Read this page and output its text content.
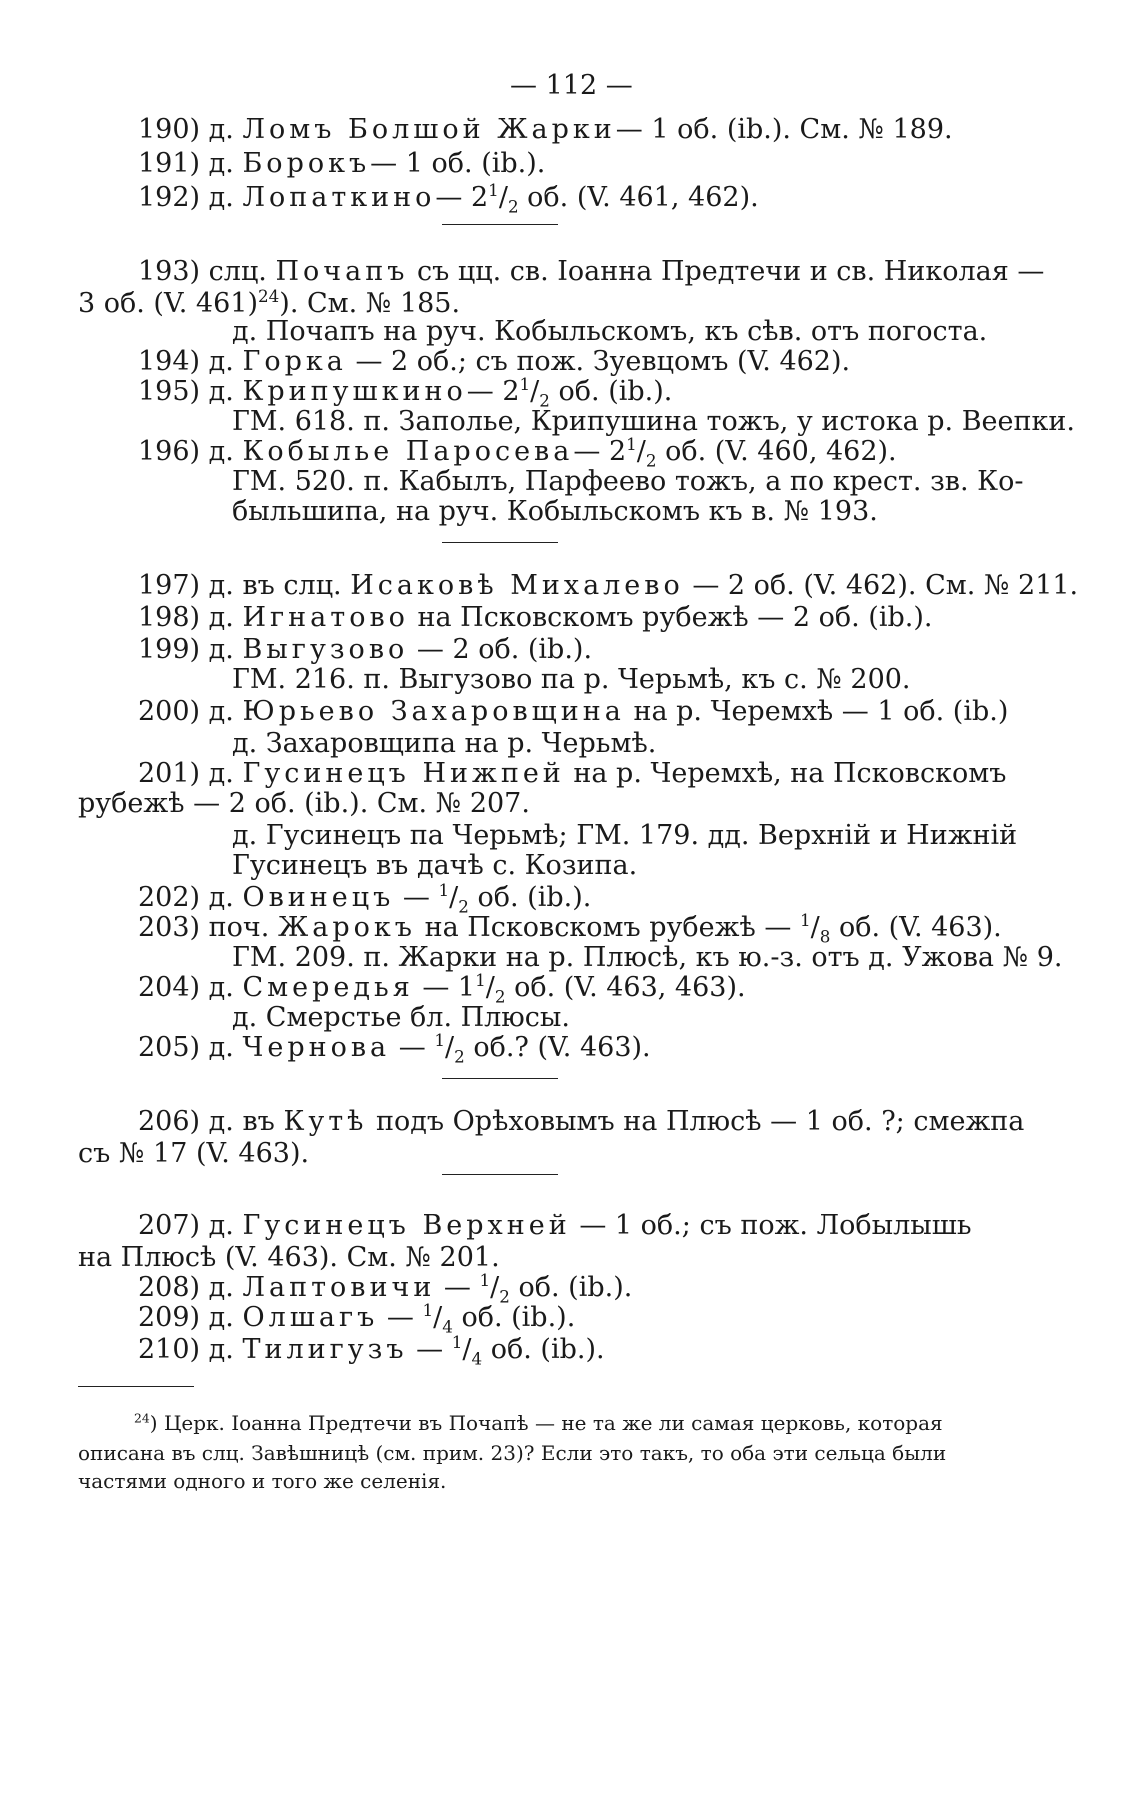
— 112 —
190) д. Ломъ Болшой Жарки— 1 об. (ib.). См. № 189.
191) д. Борокъ— 1 об. (ib.).
192) д. Лопаткино— $2^1/_2$ об. (V. 461, 462).
193) слц. Почапъ съ цц. св. Іоанна Предтечи и св. Николая —
3 об. (V. 461)$^{24}$). См. № 185.
д. Почапъ на руч. Кобыльскомъ, къ сѣв. отъ погоста.
194) д. Горка — 2 об.; съ пож. Зуевцомъ (V. 462).
195) д. Крипушкино— $2^1/_2$ об. (ib.).
ГМ. 618. п. Заполье, Крипушина тожъ, у истока р. Веепки.
196) д. Кобылье Паросева— $2^1/_2$ об. (V. 460, 462).
ГМ. 520. п. Кабылъ, Парфеево тожъ, а по крест. зв. Ко-
быльшипа, на руч. Кобыльскомъ къ в. № 193.
197) д. въ слц. Исаковѣ Михалево — 2 об. (V. 462). См. № 211.
198) д. Игнатово на Псковскомъ рубежѣ — 2 об. (ib.).
199) д. Выгузово — 2 об. (ib.).
ГМ. 216. п. Выгузово па р. Черьмѣ, къ с. № 200.
200) д. Юрьево Захаровщина на р. Черемхѣ — 1 об. (ib.)
д. Захаровщипа на р. Черьмѣ.
201) д. Гусинецъ Нижпей на р. Черемхѣ, на Псковскомъ
рубежѣ — 2 об. (ib.). См. № 207.
д. Гусинецъ па Черьмѣ; ГМ. 179. дд. Верхній и Нижній
Гусинецъ въ дачѣ с. Козипа.
202) д. Овинецъ — $^1/_2$ об. (ib.).
203) поч. Жарокъ на Псковскомъ рубежѣ — $^1/_8$ об. (V. 463).
ГМ. 209. п. Жарки на р. Плюсѣ, къ ю.-з. отъ д. Ужова № 9.
204) д. Смередья — $1^1/_2$ об. (V. 463, 463).
д. Смерстье бл. Плюсы.
205) д. Чернова — $^1/_2$ об.? (V. 463).
206) д. въ Кутѣ подъ Орѣховымъ на Плюсѣ — 1 об. ?; смежпа
съ № 17 (V. 463).
207) д. Гусинецъ Верхней — 1 об.; съ пож. Лобылышь
на Плюсѣ (V. 463). См. № 201.
208) д. Лаптовичи — $^1/_2$ об. (ib.).
209) д. Олшагъ — $^1/_4$ об. (ib.).
210) д. Тилигузъ — $^1/_4$ об. (ib.).
$^{24}$) Церк. Іоанна Предтечи въ Почапѣ — не та же ли самая церковь, которая
описана въ слц. Завѣшницѣ (см. прим. 23)? Если это такъ, то оба эти сельца были
частями одного и того же селенія.
